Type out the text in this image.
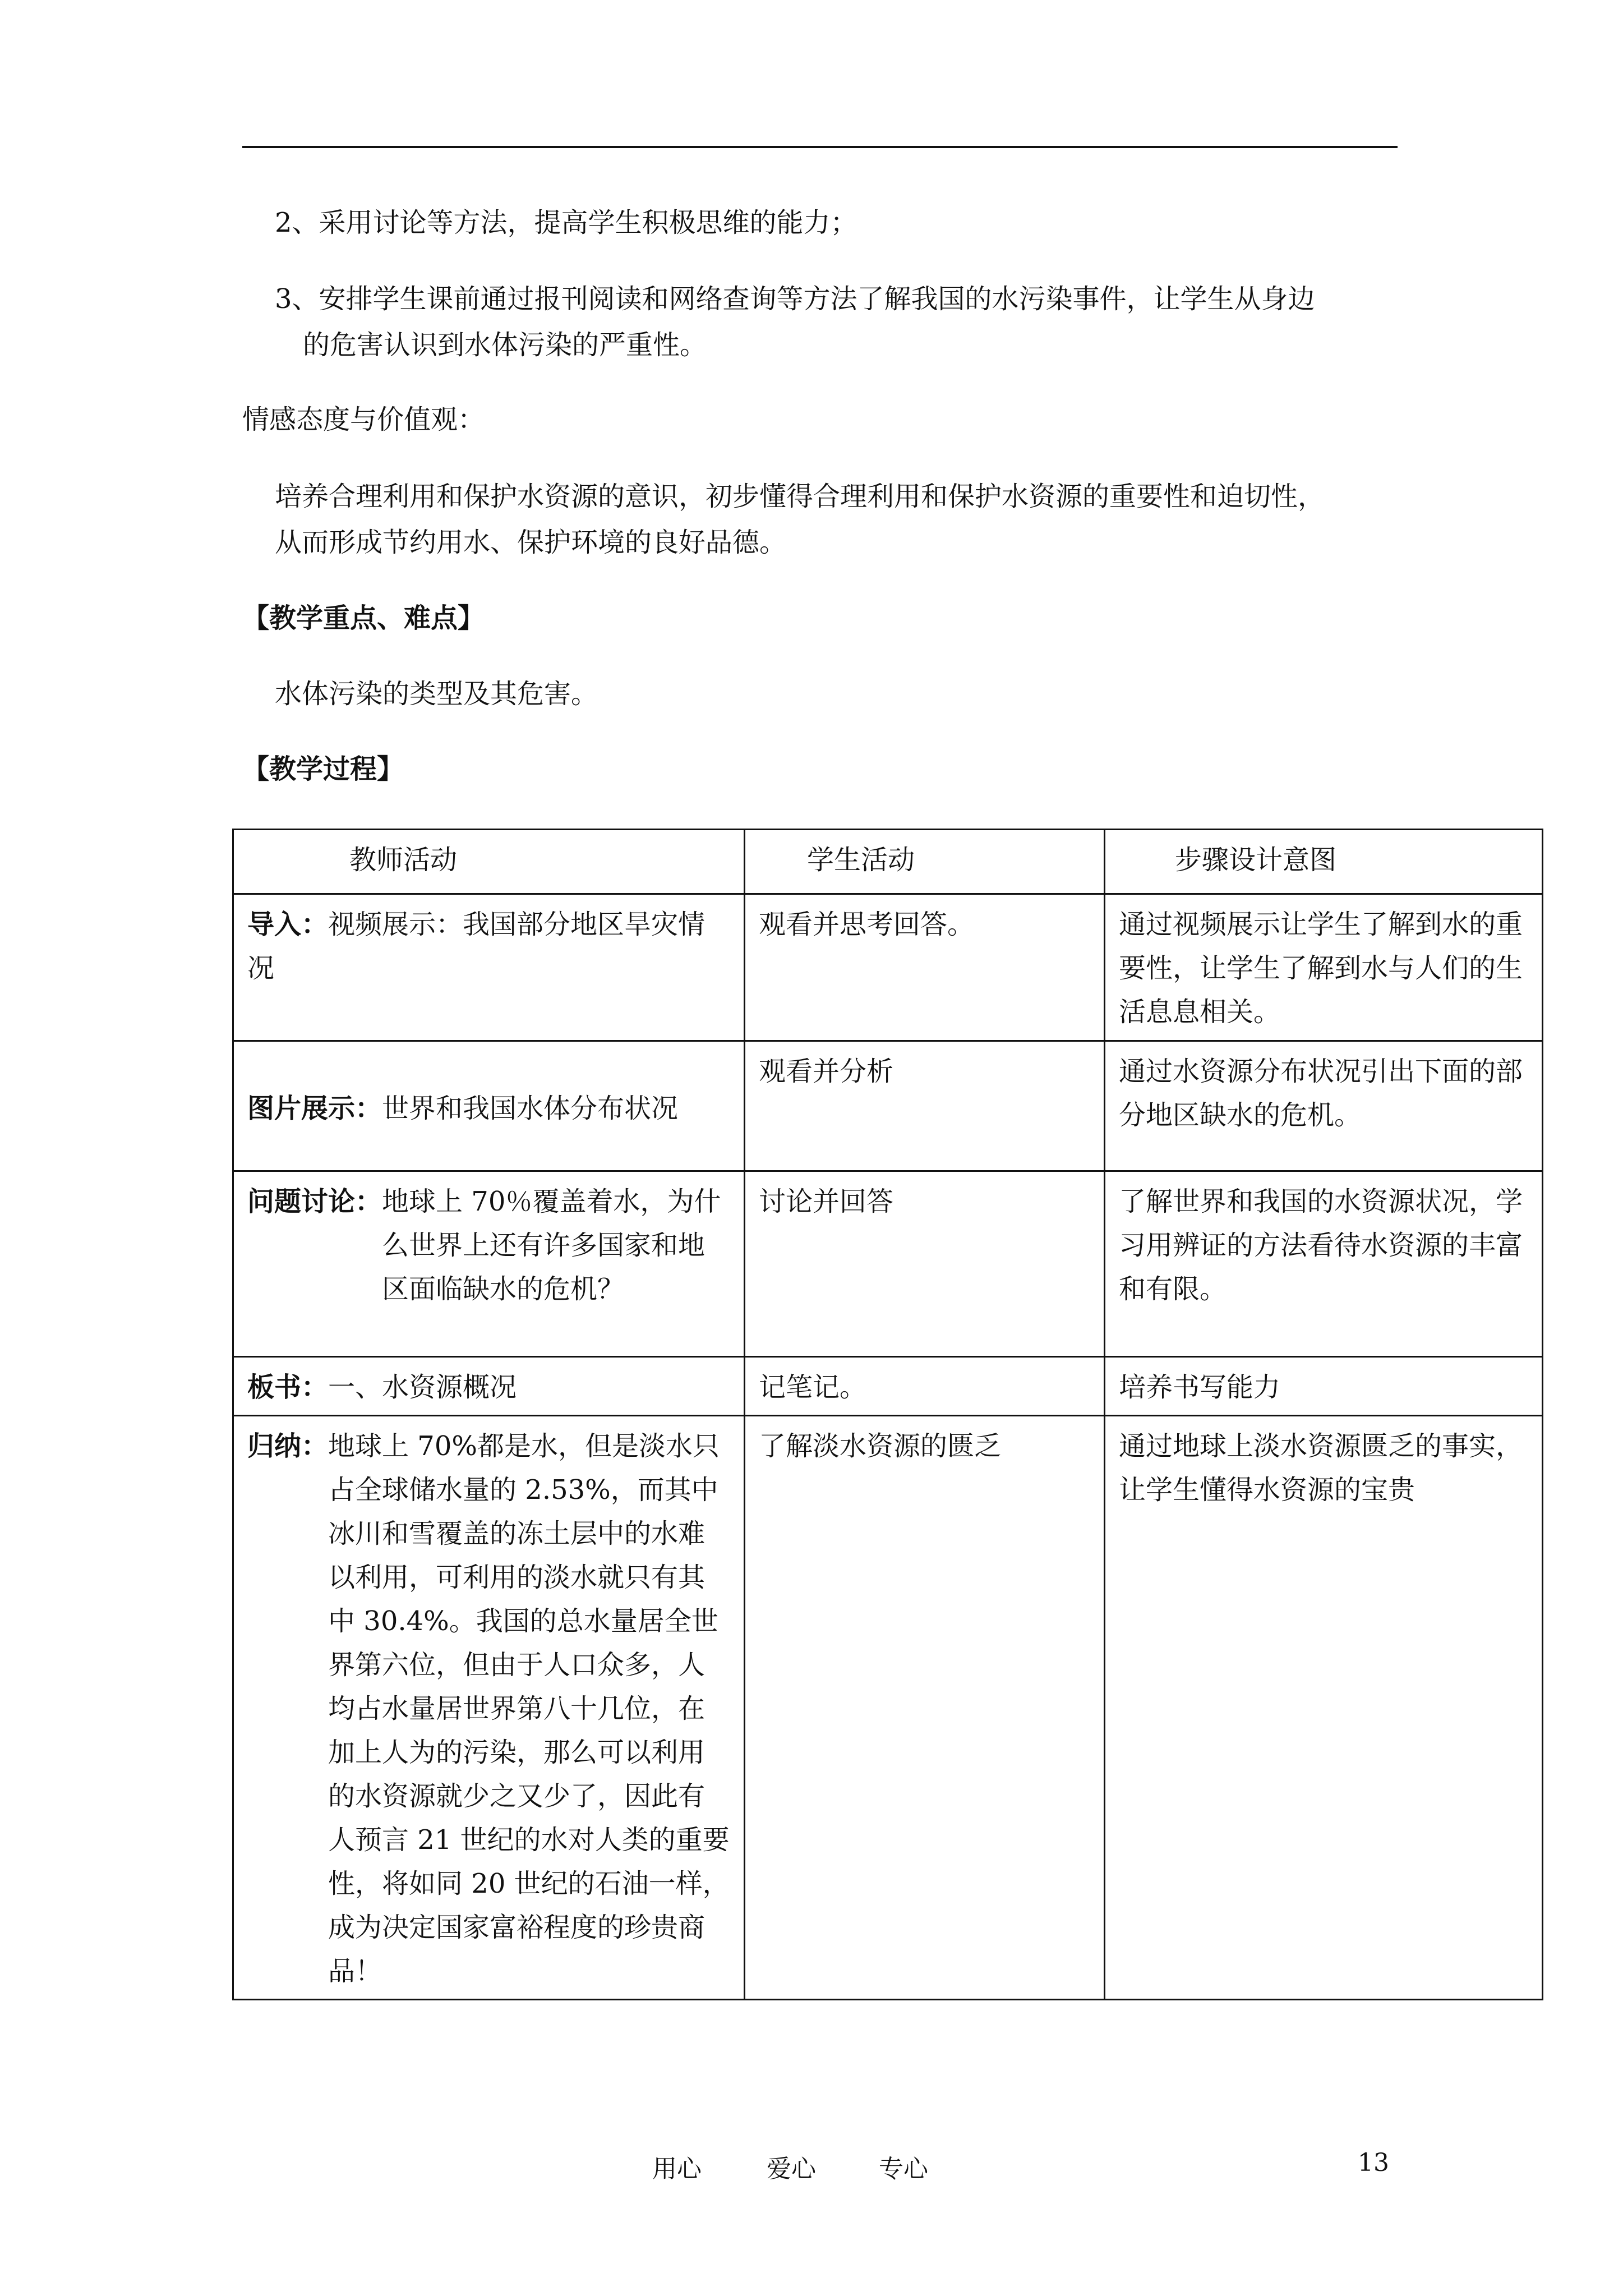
2、采用讨论等方法，提高学生积极思维的能力；
3、安排学生课前通过报刊阅读和网络查询等方法了解我国的水污染事件，让学生从身边
的危害认识到水体污染的严重性。
情感态度与价值观：
培养合理利用和保护水资源的意识，初步懂得合理利用和保护水资源的重要性和迫切性，
从而形成节约用水、保护环境的良好品德。
【教学重点、难点】
水体污染的类型及其危害。
【教学过程】
教师活动	学生活动	步骤设计意图

导入：视频展示：我国部分地区旱灾情况	观看并思考回答。	通过视频展示让学生了解到水的重要性，让学生了解到水与人们的生活息息相关。
图片展示：世界和我国水体分布状况	观看并分析	通过水资源分布状况引出下面的部分地区缺水的危机。

问题讨论： 地球上 70％覆盖着水，为什么世界上还有许多国家和地区面临缺水的危机？	讨论并回答	了解世界和我国的水资源状况，学习用辨证的方法看待水资源的丰富和有限。
板书：一、水资源概况	记笔记。	培养书写能力

归纳： 地球上 70%都是水，但是淡水只占全球储水量的 2.53%，而其中冰川和雪覆盖的冻土层中的水难以利用，可利用的淡水就只有其中 30.4%。我国的总水量居全世界第六位，但由于人口众多，人均占水量居世界第八十几位，在加上人为的污染，那么可以利用的水资源就少之又少了，因此有人预言 21 世纪的水对人类的重要性，将如同 20 世纪的石油一样，成为决定国家富裕程度的珍贵商品！	了解淡水资源的匮乏	通过地球上淡水资源匮乏的事实，让学生懂得水资源的宝贵
用心	爱心	专心	13
